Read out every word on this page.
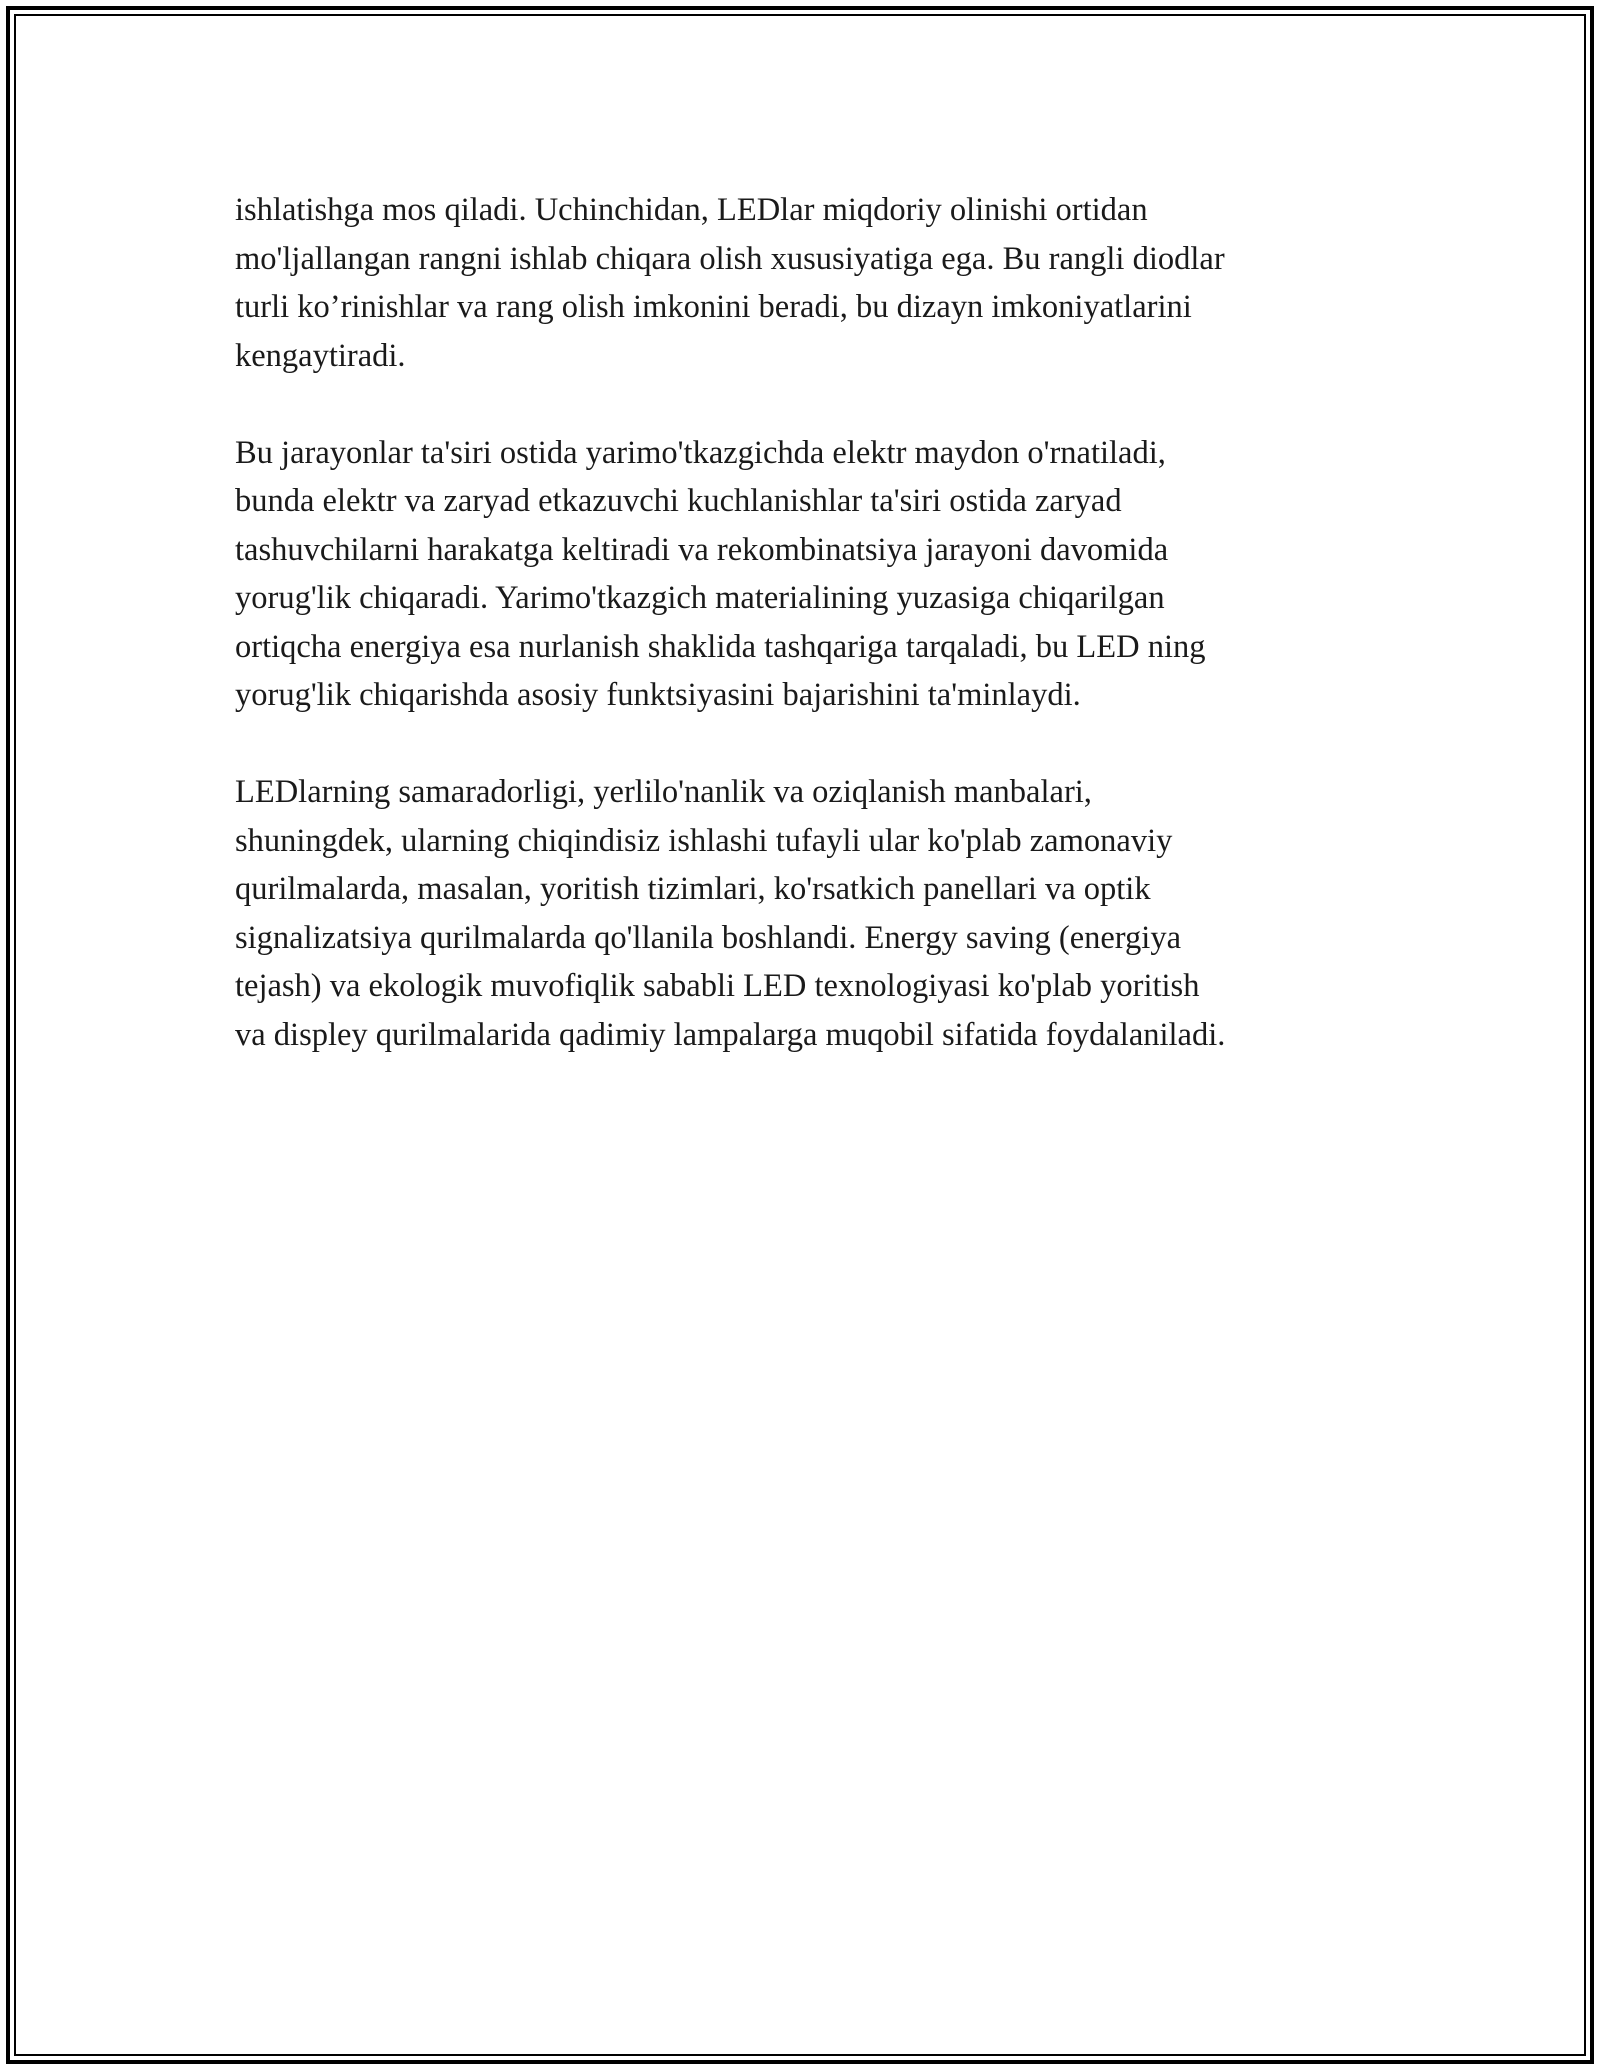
ishlatishga mos qiladi. Uchinchidan, LEDlar miqdoriy olinishi ortidan
mo'ljallangan rangni ishlab chiqara olish xususiyatiga ega. Bu rangli diodlar
turli ko’rinishlar va rang olish imkonini beradi, bu dizayn imkoniyatlarini
kengaytiradi.

Bu jarayonlar ta'siri ostida yarimo'tkazgichda elektr maydon o'rnatiladi,
bunda elektr va zaryad etkazuvchi kuchlanishlar ta'siri ostida zaryad
tashuvchilarni harakatga keltiradi va rekombinatsiya jarayoni davomida
yorug'lik chiqaradi. Yarimo'tkazgich materialining yuzasiga chiqarilgan
ortiqcha energiya esa nurlanish shaklida tashqariga tarqaladi, bu LED ning
yorug'lik chiqarishda asosiy funktsiyasini bajarishini ta'minlaydi.

LEDlarning samaradorligi, yerlilo'nanlik va oziqlanish manbalari,
shuningdek, ularning chiqindisiz ishlashi tufayli ular ko'plab zamonaviy
qurilmalarda, masalan, yoritish tizimlari, ko'rsatkich panellari va optik
signalizatsiya qurilmalarda qo'llanila boshlandi. Energy saving (energiya
tejash) va ekologik muvofiqlik sababli LED texnologiyasi ko'plab yoritish
va displey qurilmalarida qadimiy lampalarga muqobil sifatida foydalaniladi.
